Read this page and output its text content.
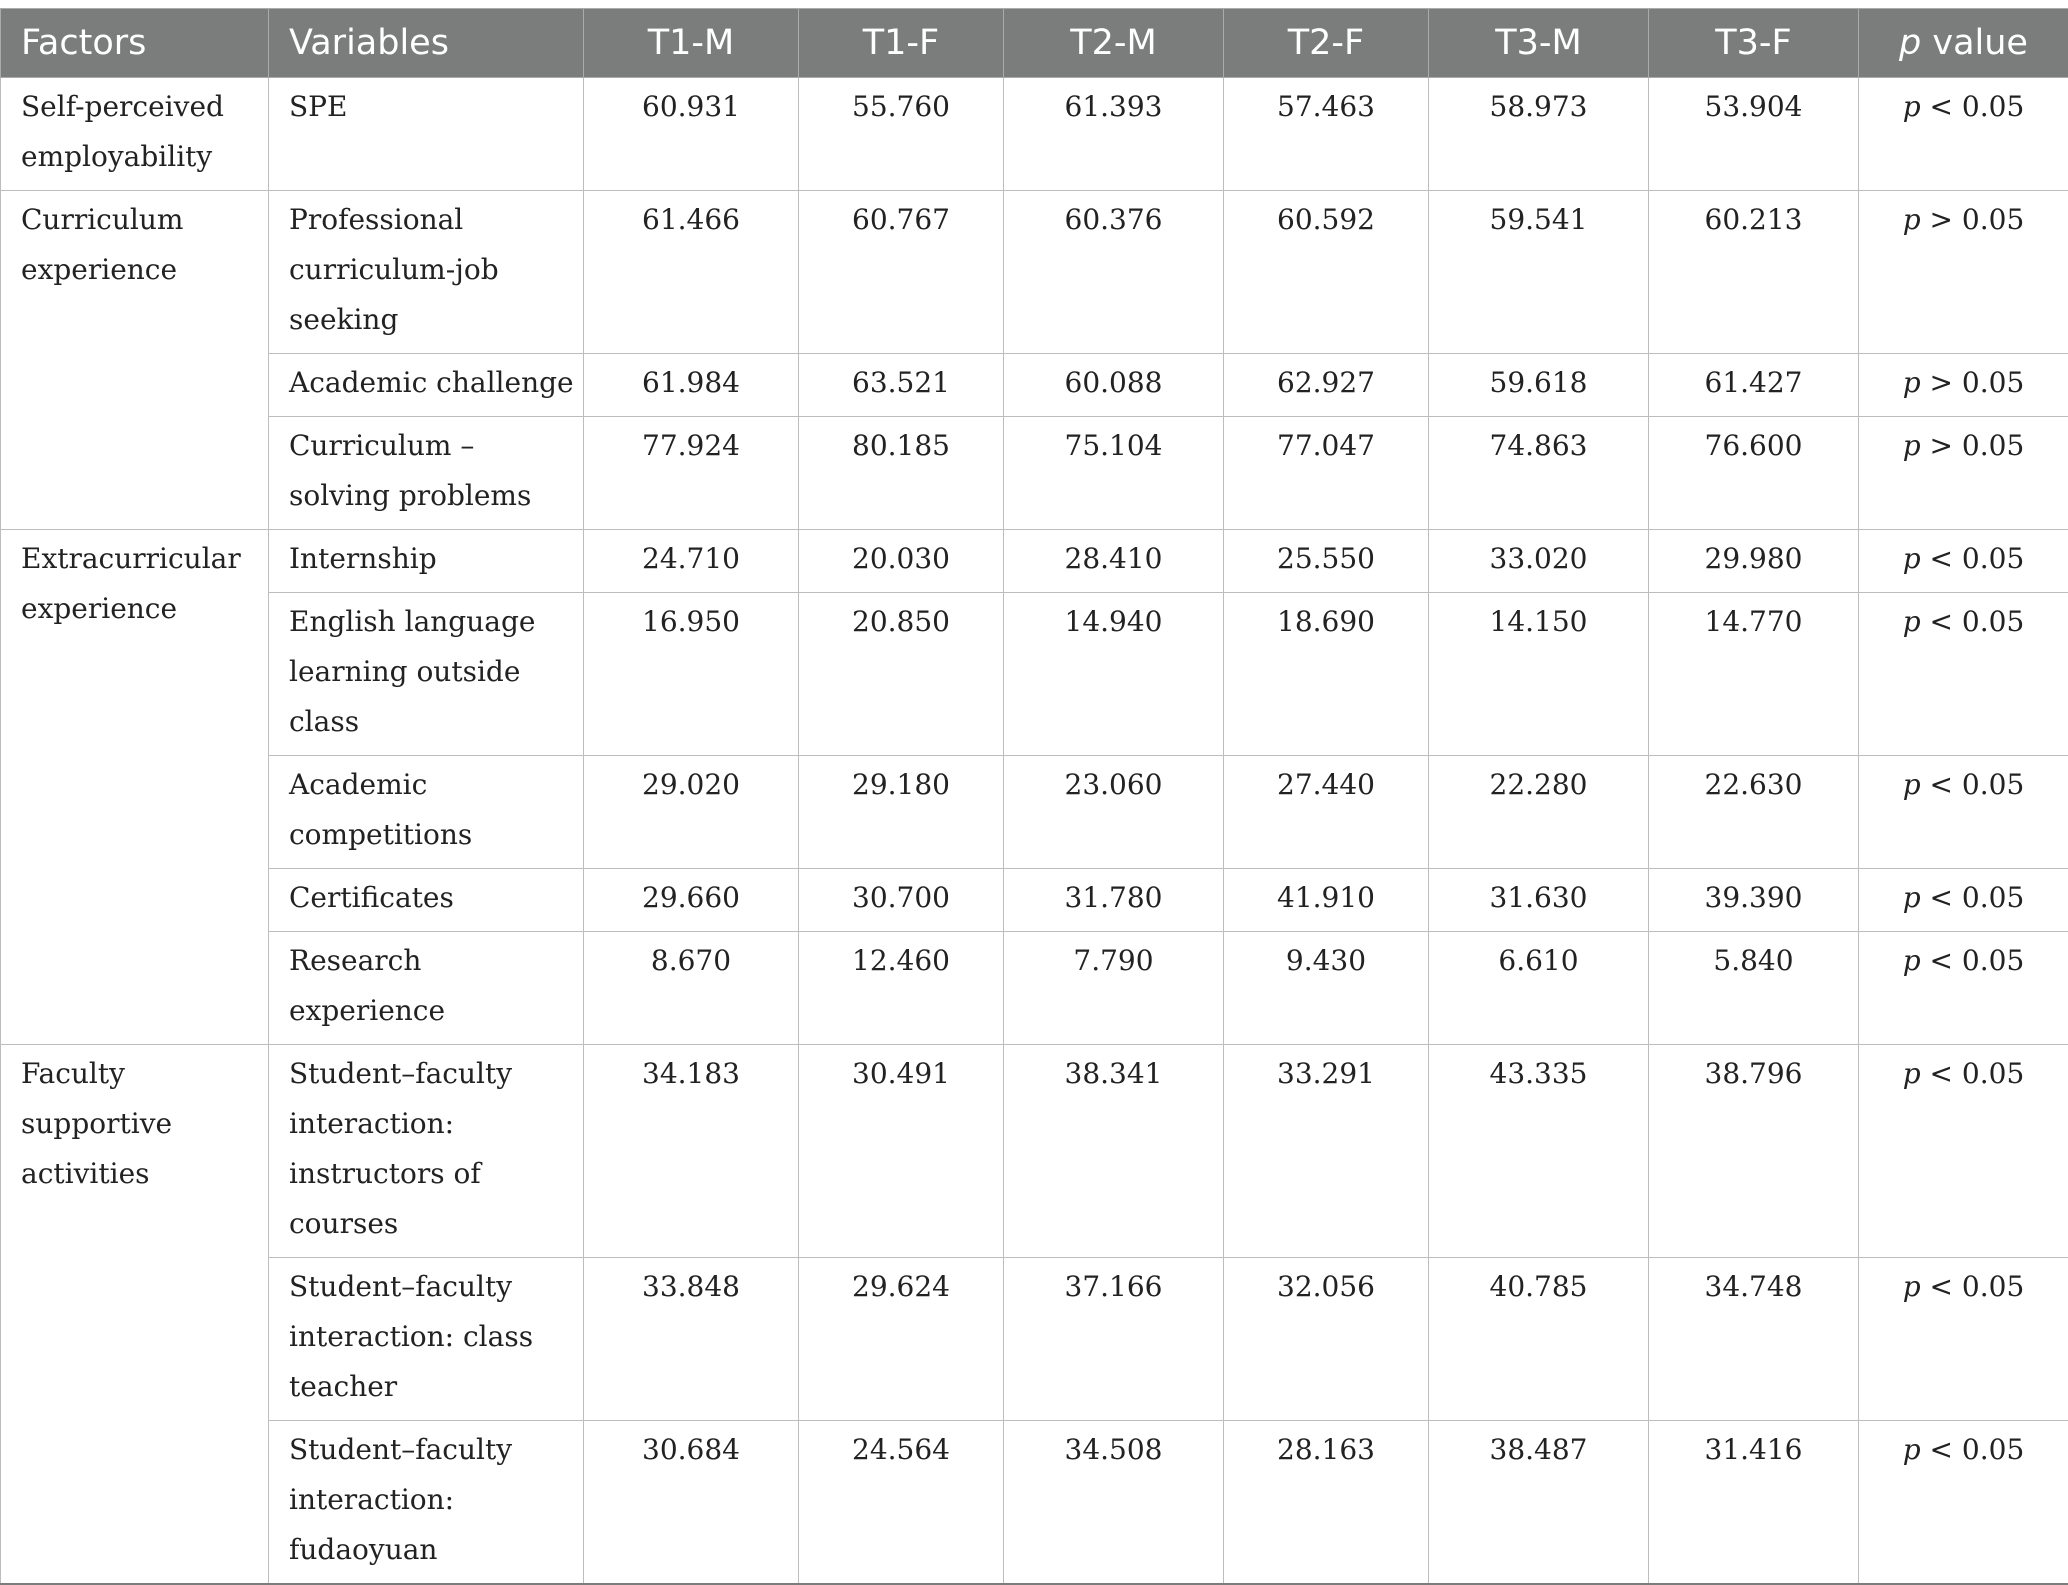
Factors	Variables	T1-M	T1-F	T2-M	T2-F	T3-M	T3-F	p value
Self-perceived employability	SPE	60.931	55.760	61.393	57.463	58.973	53.904	p < 0.05
Curriculum experience	Professional curriculum-job seeking	61.466	60.767	60.376	60.592	59.541	60.213	p > 0.05
	Academic challenge	61.984	63.521	60.088	62.927	59.618	61.427	p > 0.05
	Curriculum – solving problems	77.924	80.185	75.104	77.047	74.863	76.600	p > 0.05
Extracurricular experience	Internship	24.710	20.030	28.410	25.550	33.020	29.980	p < 0.05
	English language learning outside class	16.950	20.850	14.940	18.690	14.150	14.770	p < 0.05
	Academic competitions	29.020	29.180	23.060	27.440	22.280	22.630	p < 0.05
	Certificates	29.660	30.700	31.780	41.910	31.630	39.390	p < 0.05
	Research experience	8.670	12.460	7.790	9.430	6.610	5.840	p < 0.05
Faculty supportive activities	Student–faculty interaction: instructors of courses	34.183	30.491	38.341	33.291	43.335	38.796	p < 0.05
	Student–faculty interaction: class teacher	33.848	29.624	37.166	32.056	40.785	34.748	p < 0.05
	Student–faculty interaction: fudaoyuan	30.684	24.564	34.508	28.163	38.487	31.416	p < 0.05
